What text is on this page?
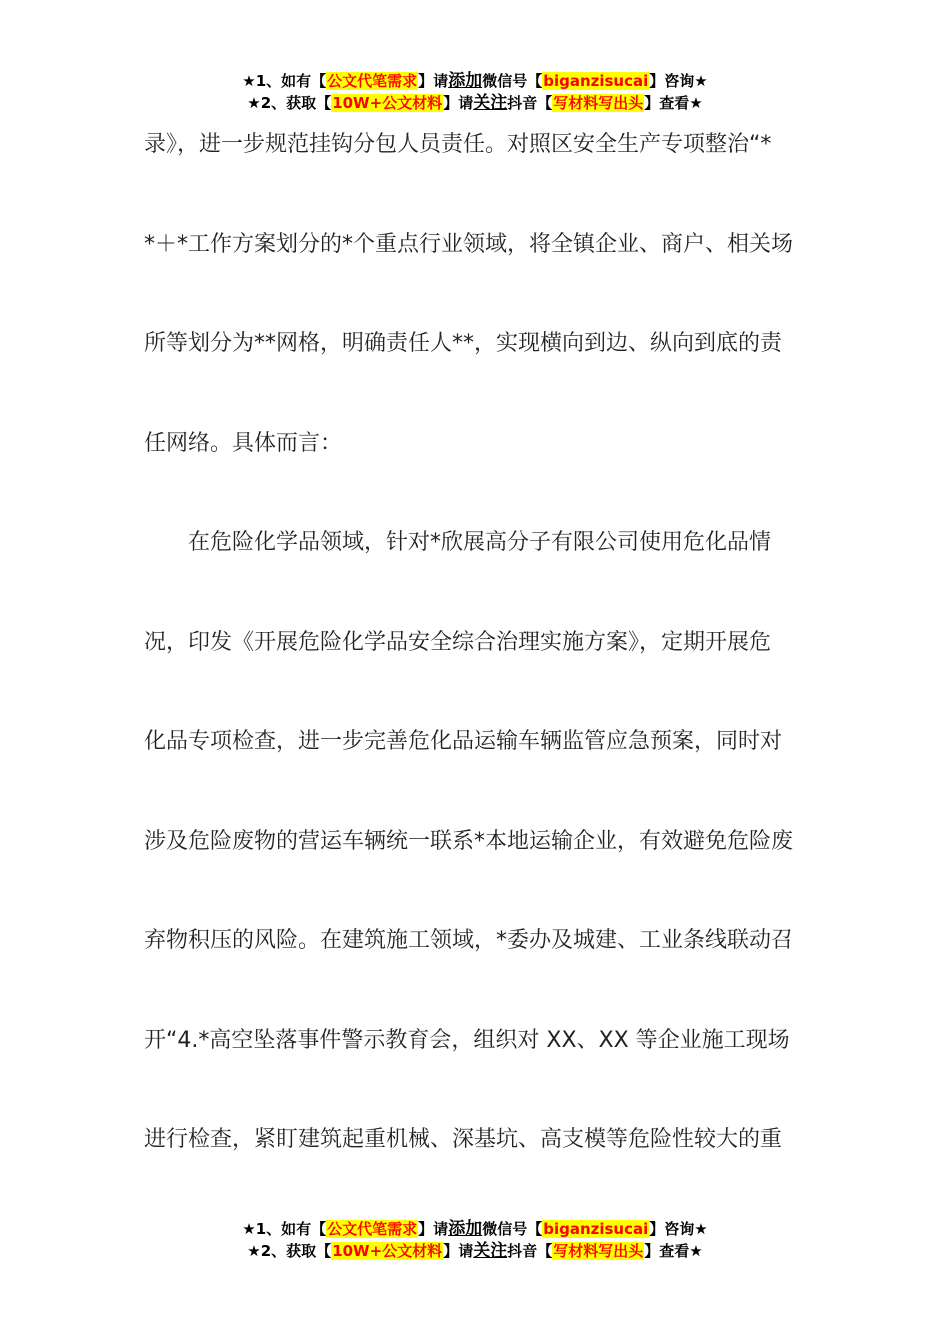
★1、如有【公文代笔需求】请添加微信号【biganzisucai】咨询★
★2、获取【10W+公文材料】请关注抖音【写材料写出头】查看★
录》，进一步规范挂钩分包人员责任。对照区安全生产专项整治“*
*＋*工作方案划分的*个重点行业领域，将全镇企业、商户、相关场
所等划分为**网格，明确责任人**，实现横向到边、纵向到底的责
任网络。具体而言：
在危险化学品领域，针对*欣展高分子有限公司使用危化品情
况，印发《开展危险化学品安全综合治理实施方案》，定期开展危
化品专项检查，进一步完善危化品运输车辆监管应急预案，同时对
涉及危险废物的营运车辆统一联系*本地运输企业，有效避免危险废
弃物积压的风险。在建筑施工领域，*委办及城建、工业条线联动召
开“4.*高空坠落事件警示教育会，组织对 XX、XX 等企业施工现场
进行检查，紧盯建筑起重机械、深基坑、高支模等危险性较大的重
★1、如有【公文代笔需求】请添加微信号【biganzisucai】咨询★
★2、获取【10W+公文材料】请关注抖音【写材料写出头】查看★
